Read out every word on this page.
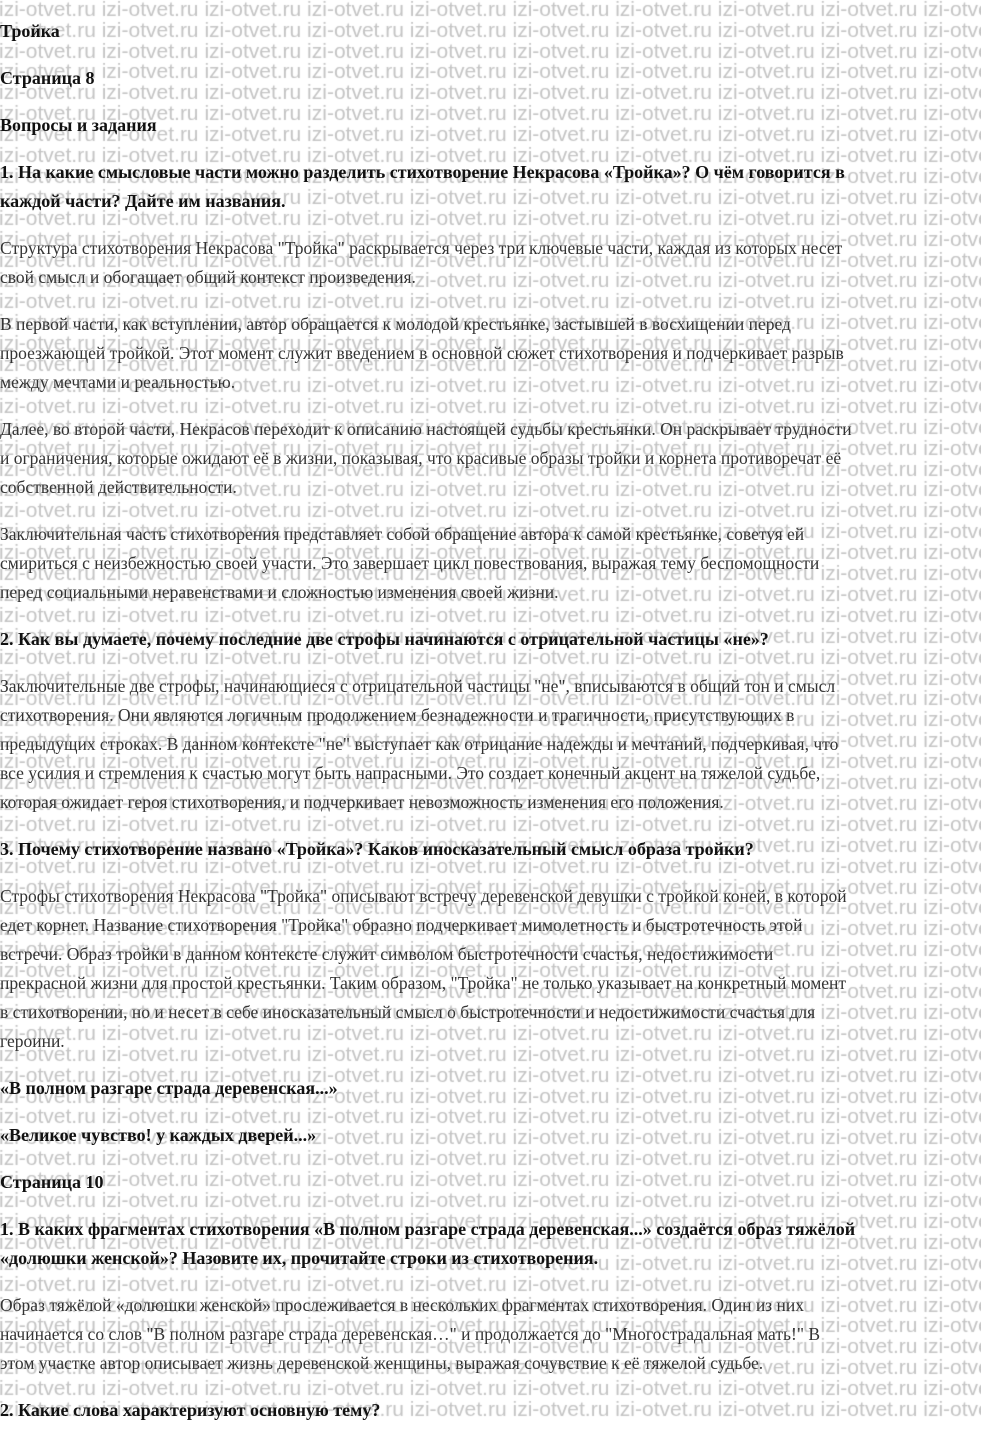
Тройка
Страница 8
Вопросы и задания
1. На какие смысловые части можно разделить стихотворение Некрасова «Тройка»? О чём говорится в
каждой части? Дайте им названия.
Структура стихотворения Некрасова "Тройка" раскрывается через три ключевые части, каждая из которых несет
свой смысл и обогащает общий контекст произведения.
В первой части, как вступлении, автор обращается к молодой крестьянке, застывшей в восхищении перед
проезжающей тройкой. Этот момент служит введением в основной сюжет стихотворения и подчеркивает разрыв
между мечтами и реальностью.
Далее, во второй части, Некрасов переходит к описанию настоящей судьбы крестьянки. Он раскрывает трудности
и ограничения, которые ожидают её в жизни, показывая, что красивые образы тройки и корнета противоречат её
собственной действительности.
Заключительная часть стихотворения представляет собой обращение автора к самой крестьянке, советуя ей
смириться с неизбежностью своей участи. Это завершает цикл повествования, выражая тему беспомощности
перед социальными неравенствами и сложностью изменения своей жизни.
2. Как вы думаете, почему последние две строфы начинаются с отрицательной частицы «не»?
Заключительные две строфы, начинающиеся с отрицательной частицы "не", вписываются в общий тон и смысл
стихотворения. Они являются логичным продолжением безнадежности и трагичности, присутствующих в
предыдущих строках. В данном контексте "не" выступает как отрицание надежды и мечтаний, подчеркивая, что
все усилия и стремления к счастью могут быть напрасными. Это создает конечный акцент на тяжелой судьбе,
которая ожидает героя стихотворения, и подчеркивает невозможность изменения его положения.
3. Почему стихотворение названо «Тройка»? Каков иносказательный смысл образа тройки?
Строфы стихотворения Некрасова "Тройка" описывают встречу деревенской девушки с тройкой коней, в которой
едет корнет. Название стихотворения "Тройка" образно подчеркивает мимолетность и быстротечность этой
встречи. Образ тройки в данном контексте служит символом быстротечности счастья, недостижимости
прекрасной жизни для простой крестьянки. Таким образом, "Тройка" не только указывает на конкретный момент
в стихотворении, но и несет в себе иносказательный смысл о быстротечности и недостижимости счастья для
героини.
«В полном разгаре страда деревенская...»
«Великое чувство! у каждых дверей...»
Страница 10
1. В каких фрагментах стихотворения «В полном разгаре страда деревенская...» создаётся образ тяжёлой
«долюшки женской»? Назовите их, прочитайте строки из стихотворения.
Образ тяжёлой «долюшки женской» прослеживается в нескольких фрагментах стихотворения. Один из них
начинается со слов "В полном разгаре страда деревенская…" и продолжается до "Многострадальная мать!" В
этом участке автор описывает жизнь деревенской женщины, выражая сочувствие к её тяжелой судьбе.
2. Какие слова характеризуют основную тему?
